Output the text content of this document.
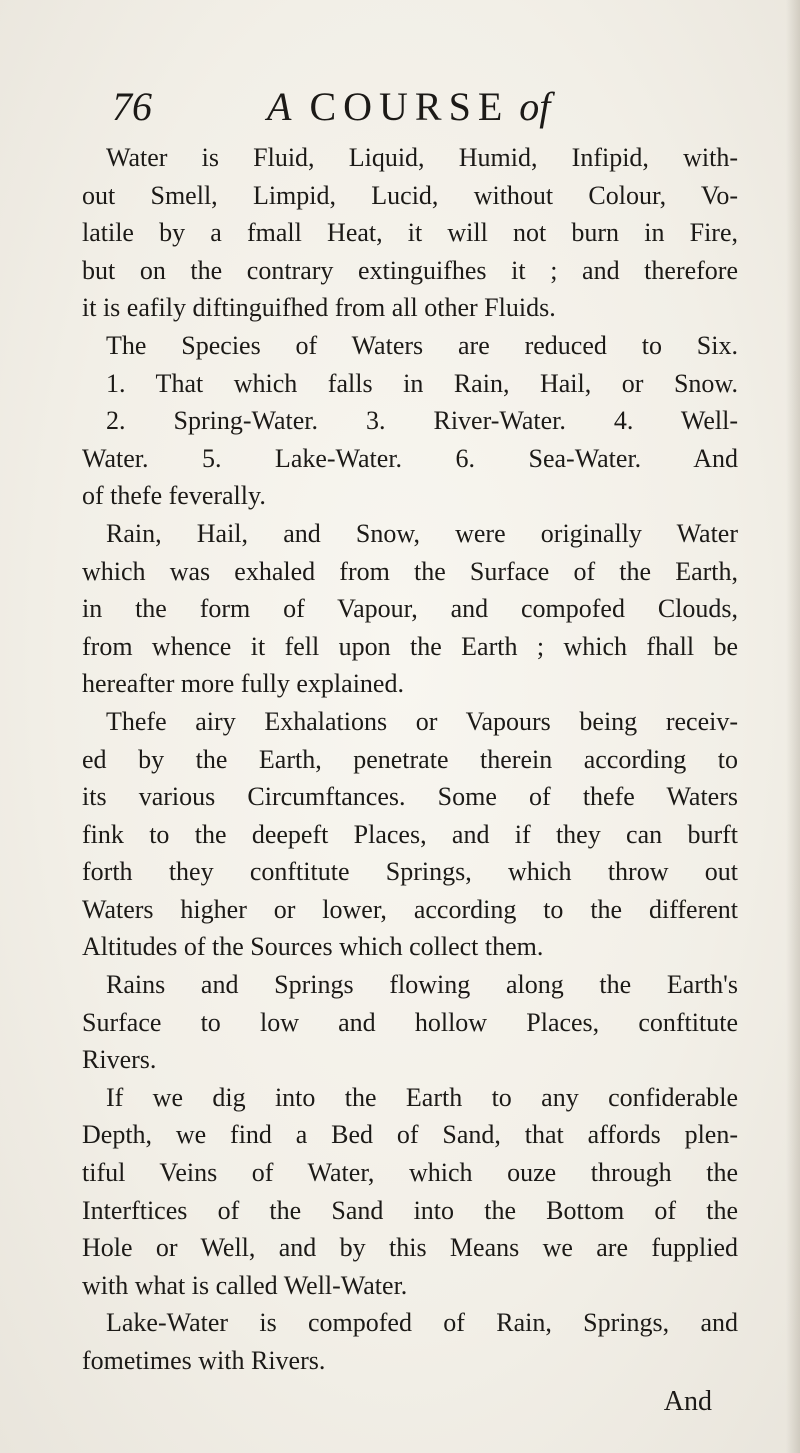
76	A COURSE of
Water is Fluid, Liquid, Humid, Infipid, with-
out Smell, Limpid, Lucid, without Colour, Vo-
latile by a fmall Heat, it will not burn in Fire,
but on the contrary extinguifhes it ; and therefore
it is eafily diftinguifhed from all other Fluids.
The Species of Waters are reduced to Six.
1. That which falls in Rain, Hail, or Snow.
2. Spring-Water. 3. River-Water. 4. Well-
Water. 5. Lake-Water. 6. Sea-Water. And
of thefe feverally.
Rain, Hail, and Snow, were originally Water
which was exhaled from the Surface of the Earth,
in the form of Vapour, and compofed Clouds,
from whence it fell upon the Earth ; which fhall be
hereafter more fully explained.
Thefe airy Exhalations or Vapours being receiv-
ed by the Earth, penetrate therein according to
its various Circumftances. Some of thefe Waters
fink to the deepeft Places, and if they can burft
forth they conftitute Springs, which throw out
Waters higher or lower, according to the different
Altitudes of the Sources which collect them.
Rains and Springs flowing along the Earth's
Surface to low and hollow Places, conftitute
Rivers.
If we dig into the Earth to any confiderable
Depth, we find a Bed of Sand, that affords plen-
tiful Veins of Water, which ouze through the
Interftices of the Sand into the Bottom of the
Hole or Well, and by this Means we are fupplied
with what is called Well-Water.
Lake-Water is compofed of Rain, Springs, and
fometimes with Rivers.
And
